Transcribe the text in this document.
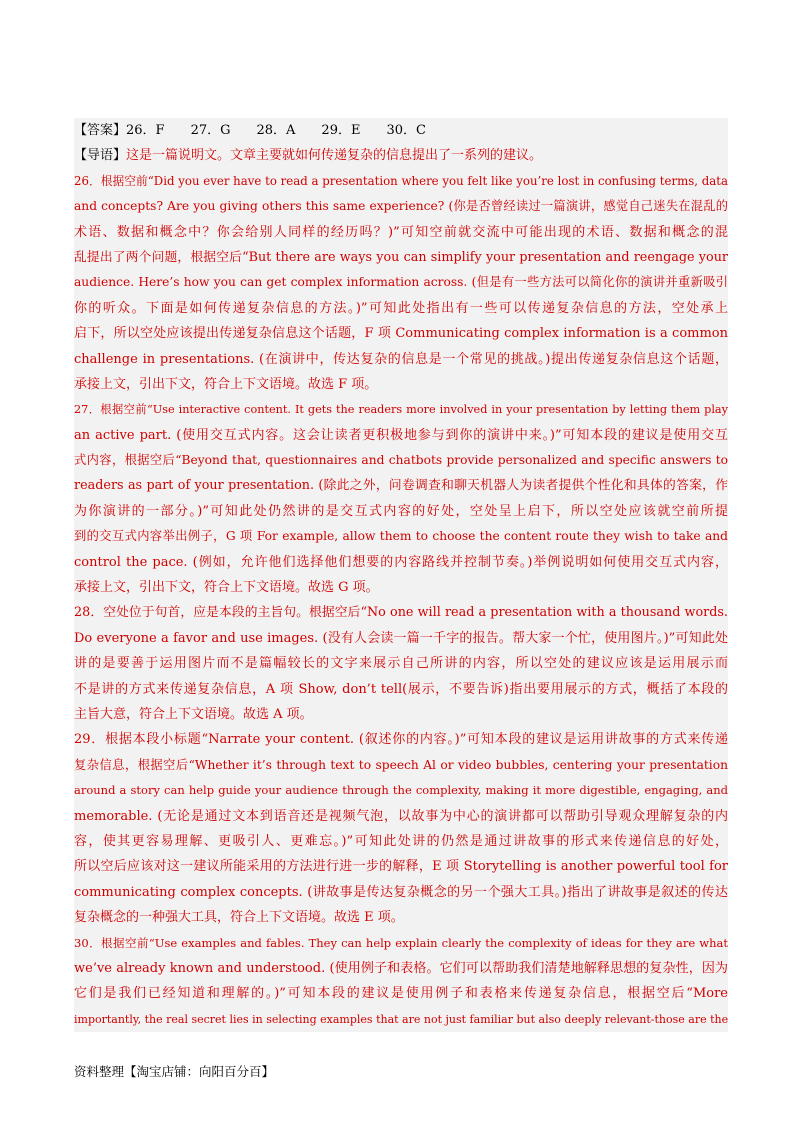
【答案】26．F　　27．G　　28．A　　29．E　　30．C
【导语】这是一篇说明文。文章主要就如何传递复杂的信息提出了一系列的建议。
26．根据空前“Did you ever have to read a presentation where you felt like you’re lost in confusing terms, data
and concepts? Are you giving others this same experience? (你是否曾经读过一篇演讲，感觉自己迷失在混乱的
术语、数据和概念中？你会给别人同样的经历吗？)”可知空前就交流中可能出现的术语、数据和概念的混
乱提出了两个问题，根据空后“But there are ways you can simplify your presentation and reengage your
audience. Here’s how you can get complex information across. (但是有一些方法可以简化你的演讲并重新吸引
你的听众。下面是如何传递复杂信息的方法。)”可知此处指出有一些可以传递复杂信息的方法，空处承上
启下，所以空处应该提出传递复杂信息这个话题，F 项 Communicating complex information is a common
challenge in presentations. (在演讲中，传达复杂的信息是一个常见的挑战。)提出传递复杂信息这个话题，
承接上文，引出下文，符合上下文语境。故选 F 项。
27．根据空前“Use interactive content. It gets the readers more involved in your presentation by letting them play
an active part. (使用交互式内容。这会让读者更积极地参与到你的演讲中来。)”可知本段的建议是使用交互
式内容，根据空后“Beyond that, questionnaires and chatbots provide personalized and specific answers to
readers as part of your presentation. (除此之外，问卷调查和聊天机器人为读者提供个性化和具体的答案，作
为你演讲的一部分。)”可知此处仍然讲的是交互式内容的好处，空处呈上启下，所以空处应该就空前所提
到的交互式内容举出例子，G 项 For example, allow them to choose the content route they wish to take and
control the pace. (例如，允许他们选择他们想要的内容路线并控制节奏。)举例说明如何使用交互式内容，
承接上文，引出下文，符合上下文语境。故选 G 项。
28．空处位于句首，应是本段的主旨句。根据空后“No one will read a presentation with a thousand words.
Do everyone a favor and use images. (没有人会读一篇一千字的报告。帮大家一个忙，使用图片。)”可知此处
讲的是要善于运用图片而不是篇幅较长的文字来展示自己所讲的内容，所以空处的建议应该是运用展示而
不是讲的方式来传递复杂信息，A 项 Show, don’t tell(展示，不要告诉)指出要用展示的方式，概括了本段的
主旨大意，符合上下文语境。故选 A 项。
29．根据本段小标题“Narrate your content. (叙述你的内容。)”可知本段的建议是运用讲故事的方式来传递
复杂信息，根据空后“Whether it’s through text to speech Al or video bubbles, centering your presentation
around a story can help guide your audience through the complexity, making it more digestible, engaging, and
memorable. (无论是通过文本到语音还是视频气泡，以故事为中心的演讲都可以帮助引导观众理解复杂的内
容，使其更容易理解、更吸引人、更难忘。)”可知此处讲的仍然是通过讲故事的形式来传递信息的好处，
所以空后应该对这一建议所能采用的方法进行进一步的解释，E 项 Storytelling is another powerful tool for
communicating complex concepts. (讲故事是传达复杂概念的另一个强大工具。)指出了讲故事是叙述的传达
复杂概念的一种强大工具，符合上下文语境。故选 E 项。
30．根据空前“Use examples and fables. They can help explain clearly the complexity of ideas for they are what
we’ve already known and understood. (使用例子和表格。它们可以帮助我们清楚地解释思想的复杂性，因为
它们是我们已经知道和理解的。)”可知本段的建议是使用例子和表格来传递复杂信息，根据空后“More
importantly, the real secret lies in selecting examples that are not just familiar but also deeply relevant-those are the
资料整理【淘宝店铺：向阳百分百】
